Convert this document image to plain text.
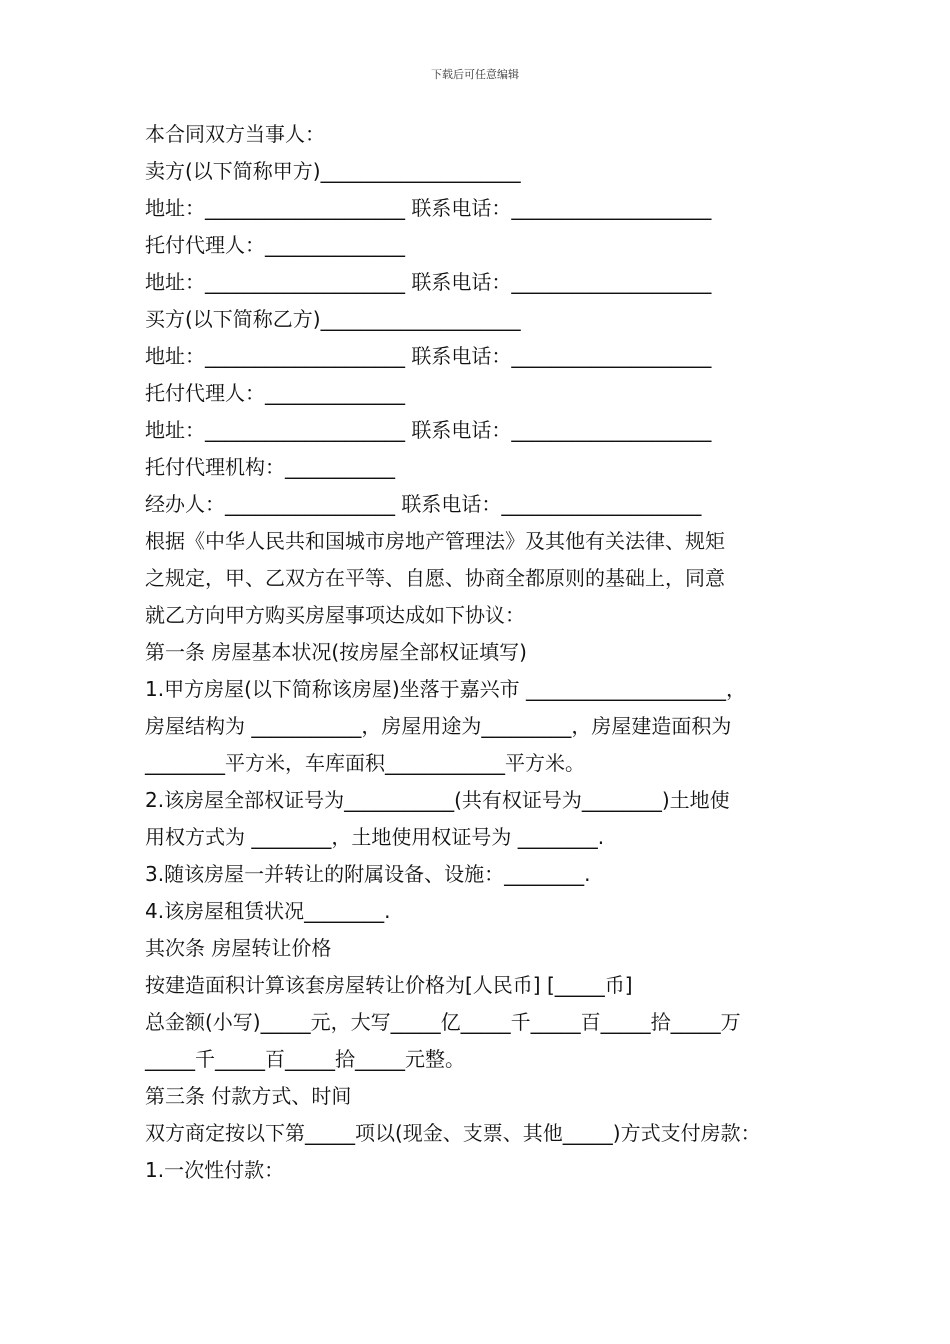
下载后可任意编辑
本合同双方当事人：
卖方(以下简称甲方)____________________
地址：____________________ 联系电话：____________________
托付代理人：______________
地址：____________________ 联系电话：____________________
买方(以下简称乙方)____________________
地址：____________________ 联系电话：____________________
托付代理人：______________
地址：____________________ 联系电话：____________________
托付代理机构：___________
经办人：_________________ 联系电话：____________________
根据《中华人民共和国城市房地产管理法》及其他有关法律、规矩
之规定，甲、乙双方在平等、自愿、协商全都原则的基础上，同意
就乙方向甲方购买房屋事项达成如下协议：
第一条 房屋基本状况(按房屋全部权证填写)
1.甲方房屋(以下简称该房屋)坐落于嘉兴市 ____________________，
房屋结构为 ___________，房屋用途为_________，房屋建造面积为
________平方米，车库面积____________平方米。
2.该房屋全部权证号为___________(共有权证号为________)土地使
用权方式为 ________，土地使用权证号为 ________.
3.随该房屋一并转让的附属设备、设施：________.
4.该房屋租赁状况________.
其次条 房屋转让价格
按建造面积计算该套房屋转让价格为[人民币] [_____币]
总金额(小写)_____元，大写_____亿_____千_____百_____拾_____万
_____千_____百_____拾_____元整。
第三条 付款方式、时间
双方商定按以下第_____项以(现金、支票、其他_____)方式支付房款：
1.一次性付款：
